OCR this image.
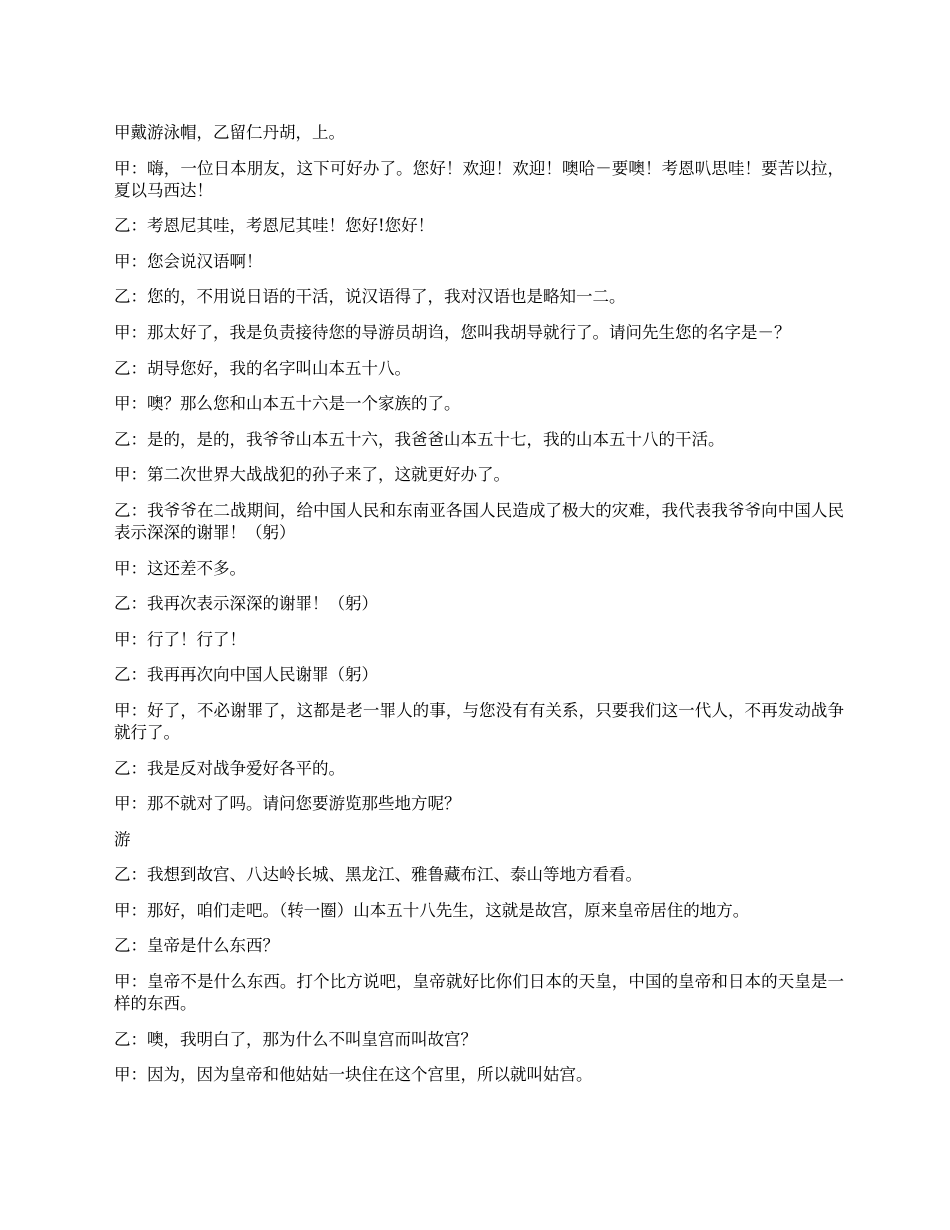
甲戴游泳帽，乙留仁丹胡，上。

甲：嗨，一位日本朋友，这下可好办了。您好！欢迎！欢迎！噢哈－要噢！考恩叭思哇！要苦以拉，夏以马西达！

乙：考恩尼其哇，考恩尼其哇！您好!您好！

甲：您会说汉语啊！

乙：您的，不用说日语的干活，说汉语得了，我对汉语也是略知一二。

甲：那太好了，我是负责接待您的导游员胡诌，您叫我胡导就行了。请问先生您的名字是－？

乙：胡导您好，我的名字叫山本五十八。

甲：噢？那么您和山本五十六是一个家族的了。

乙：是的，是的，我爷爷山本五十六，我爸爸山本五十七，我的山本五十八的干活。

甲：第二次世界大战战犯的孙子来了，这就更好办了。

乙：我爷爷在二战期间，给中国人民和东南亚各国人民造成了极大的灾难，我代表我爷爷向中国人民表示深深的谢罪！（躬）

甲：这还差不多。

乙：我再次表示深深的谢罪！（躬）

甲：行了！行了！

乙：我再再次向中国人民谢罪（躬）

甲：好了，不必谢罪了，这都是老一罪人的事，与您没有有关系，只要我们这一代人，不再发动战争就行了。

乙：我是反对战争爱好各平的。

甲：那不就对了吗。请问您要游览那些地方呢？

游

乙：我想到故宫、八达岭长城、黑龙江、雅鲁藏布江、泰山等地方看看。

甲：那好，咱们走吧。（转一圈）山本五十八先生，这就是故宫，原来皇帝居住的地方。

乙：皇帝是什么东西？

甲：皇帝不是什么东西。打个比方说吧，皇帝就好比你们日本的天皇，中国的皇帝和日本的天皇是一样的东西。

乙：噢，我明白了，那为什么不叫皇宫而叫故宫？

甲：因为，因为皇帝和他姑姑一块住在这个宫里，所以就叫姑宫。
